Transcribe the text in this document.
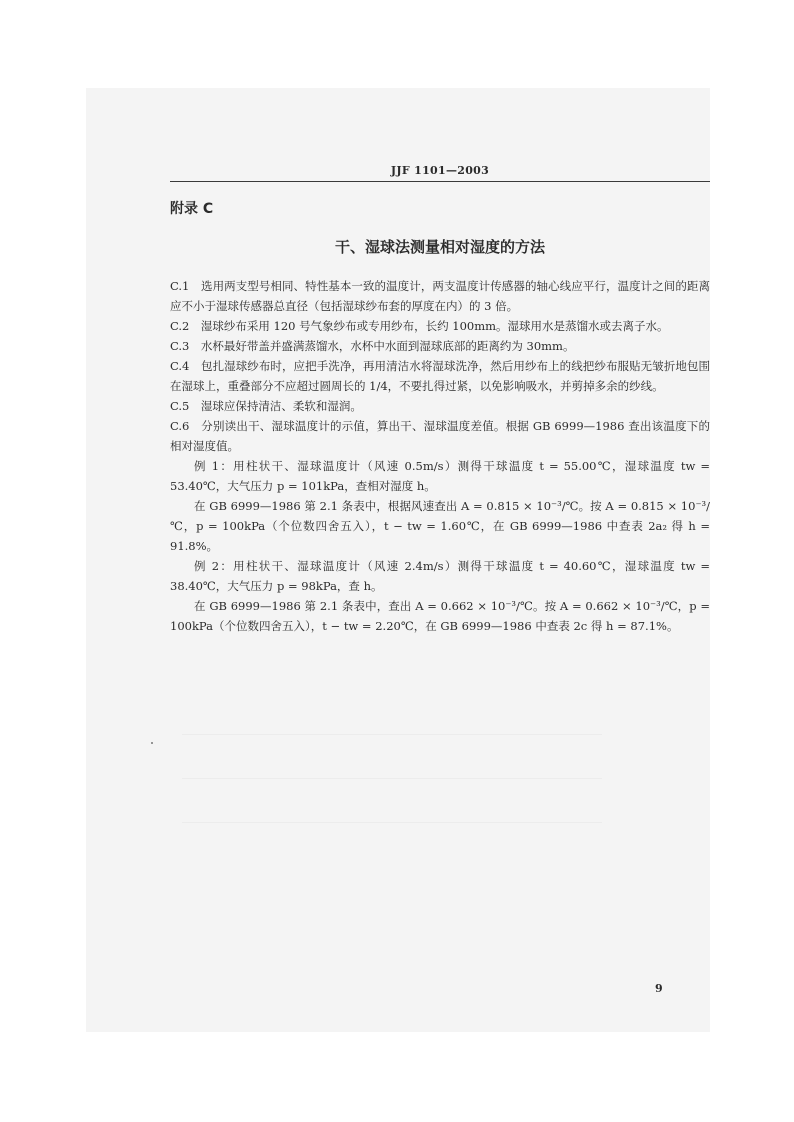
JJF 1101—2003
附录 C
干、湿球法测量相对湿度的方法

C.1　选用两支型号相同、特性基本一致的温度计，两支温度计传感器的轴心线应平行，温度计之间的距离应不小于湿球传感器总直径（包括湿球纱布套的厚度在内）的 3 倍。

C.2　湿球纱布采用 120 号气象纱布或专用纱布，长约 100mm。湿球用水是蒸馏水或去离子水。

C.3　水杯最好带盖并盛满蒸馏水，水杯中水面到湿球底部的距离约为 30mm。

C.4　包扎湿球纱布时，应把手洗净，再用清洁水将湿球洗净，然后用纱布上的线把纱布服贴无皱折地包围在湿球上，重叠部分不应超过圆周长的 1/4，不要扎得过紧，以免影响吸水，并剪掉多余的纱线。

C.5　湿球应保持清洁、柔软和湿润。

C.6　分别读出干、湿球温度计的示值，算出干、湿球温度差值。根据 GB 6999—1986 查出该温度下的相对湿度值。

例 1：用柱状干、湿球温度计（风速 0.5m/s）测得干球温度 t = 55.00℃，湿球温度 tw = 53.40℃，大气压力 p = 101kPa，查相对湿度 h。

在 GB 6999—1986 第 2.1 条表中，根据风速查出 A = 0.815 × 10⁻³/℃。按 A = 0.815 × 10⁻³/℃，p = 100kPa（个位数四舍五入），t − tw = 1.60℃，在 GB 6999—1986 中查表 2a₂ 得 h = 91.8%。

例 2：用柱状干、湿球温度计（风速 2.4m/s）测得干球温度 t = 40.60℃，湿球温度 tw = 38.40℃，大气压力 p = 98kPa，查 h。

在 GB 6999—1986 第 2.1 条表中，查出 A = 0.662 × 10⁻³/℃。按 A = 0.662 × 10⁻³/℃，p = 100kPa（个位数四舍五入），t − tw = 2.20℃，在 GB 6999—1986 中查表 2c 得 h = 87.1%。

9
